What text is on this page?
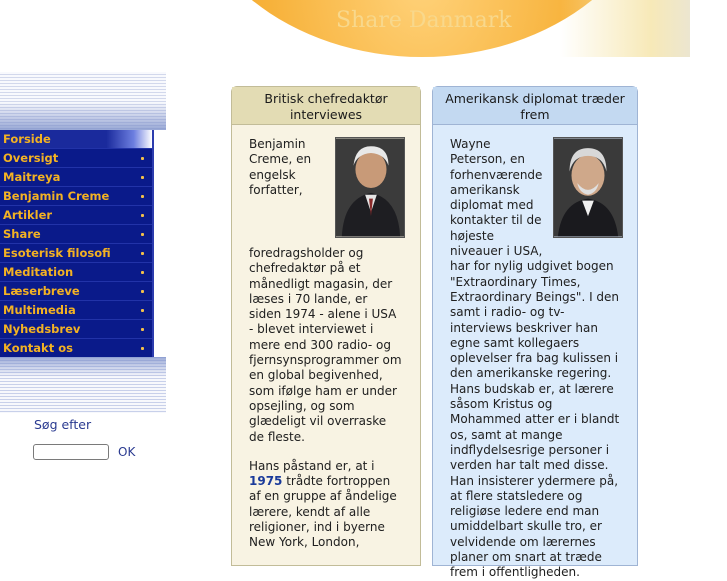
Share Danmark
Forside
Oversigt
Maitreya
Benjamin Creme
Artikler
Share
Esoterisk filosofi
Meditation
Læserbreve
Multimedia
Nyhedsbrev
Kontakt os
Søg efter
OK
Britisk chefredaktør interviewes

Benjamin Creme, en engelsk forfatter, foredragsholder og chefredaktør på et månedligt magasin, der læses i 70 lande, er siden 1974 - alene i USA - blevet interviewet i mere end 300 radio- og fjernsynsprogrammer om en global begivenhed, som ifølge ham er under opsejling, og som glædeligt vil overraske de fleste.

Hans påstand er, at i 1975 trådte fortroppen af en gruppe af åndelige lærere, kendt af alle religioner, ind i byerne New York, London,

Amerikansk diplomat træder frem

Wayne Peterson, en forhenværende amerikansk diplomat med kontakter til de højeste niveauer i USA, har for nylig udgivet bogen "Extraordinary Times, Extraordinary Beings". I den samt i radio- og tv-interviews beskriver han egne samt kollegaers oplevelser fra bag kulissen i den amerikanske regering. Hans budskab er, at lærere såsom Kristus og Mohammed atter er i blandt os, samt at mange indflydelsesrige personer i verden har talt med disse. Han insisterer ydermere på, at flere statsledere og religiøse ledere end man umiddelbart skulle tro, er velvidende om lærernes planer om snart at træde frem i offentligheden.
